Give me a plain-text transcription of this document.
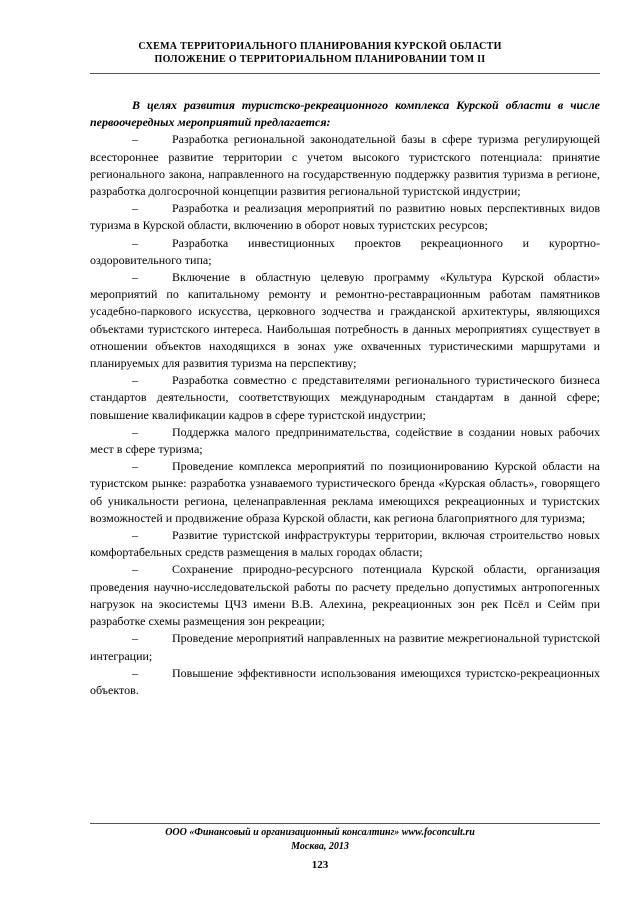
СХЕМА ТЕРРИТОРИАЛЬНОГО ПЛАНИРОВАНИЯ КУРСКОЙ ОБЛАСТИ
ПОЛОЖЕНИЕ О ТЕРРИТОРИАЛЬНОМ ПЛАНИРОВАНИИ ТОМ II

В целях развития туристско-рекреационного комплекса Курской области в числе первоочередных мероприятий предлагается:

–	Разработка региональной законодательной базы в сфере туризма регулирующей всестороннее развитие территории с учетом высокого туристского потенциала: принятие регионального закона, направленного на государственную поддержку развития туризма в регионе, разработка долгосрочной концепции развития региональной туристской индустрии;

–	Разработка и реализация мероприятий по развитию новых перспективных видов туризма в Курской области, включению в оборот новых туристских ресурсов;

–	Разработка инвестиционных проектов рекреационного и курортно-оздоровительного типа;

–	Включение в областную целевую программу «Культура Курской области» мероприятий по капитальному ремонту и ремонтно-реставрационным работам памятников усадебно-паркового искусства, церковного зодчества и гражданской архитектуры, являющихся объектами туристского интереса. Наибольшая потребность в данных мероприятиях существует в отношении объектов находящихся в зонах уже охваченных туристическими маршрутами и планируемых для развития туризма на перспективу;

–	Разработка совместно с представителями регионального туристического бизнеса стандартов деятельности, соответствующих международным стандартам в данной сфере; повышение квалификации кадров в сфере туристской индустрии;

–	Поддержка малого предпринимательства, содействие в создании новых рабочих мест в сфере туризма;

–	Проведение комплекса мероприятий по позиционированию Курской области на туристском рынке: разработка узнаваемого туристического бренда «Курская область», говорящего об уникальности региона, целенаправленная реклама имеющихся рекреационных и туристских возможностей и продвижение образа Курской области, как региона благоприятного для туризма;

–	Развитие туристской инфраструктуры территории, включая строительство новых комфортабельных средств размещения в малых городах области;

–	Сохранение природно-ресурсного потенциала Курской области, организация проведения научно-исследовательской работы по расчету предельно допустимых антропогенных нагрузок на экосистемы ЦЧЗ имени В.В. Алехина, рекреационных зон рек Псёл и Сейм при разработке схемы размещения зон рекреации;

–	Проведение мероприятий направленных на развитие межрегиональной туристской интеграции;

–	Повышение эффективности использования имеющихся туристско-рекреационных объектов.

ООО «Финансовый и организационный консалтинг» www.foconcult.ru
Москва, 2013
123
